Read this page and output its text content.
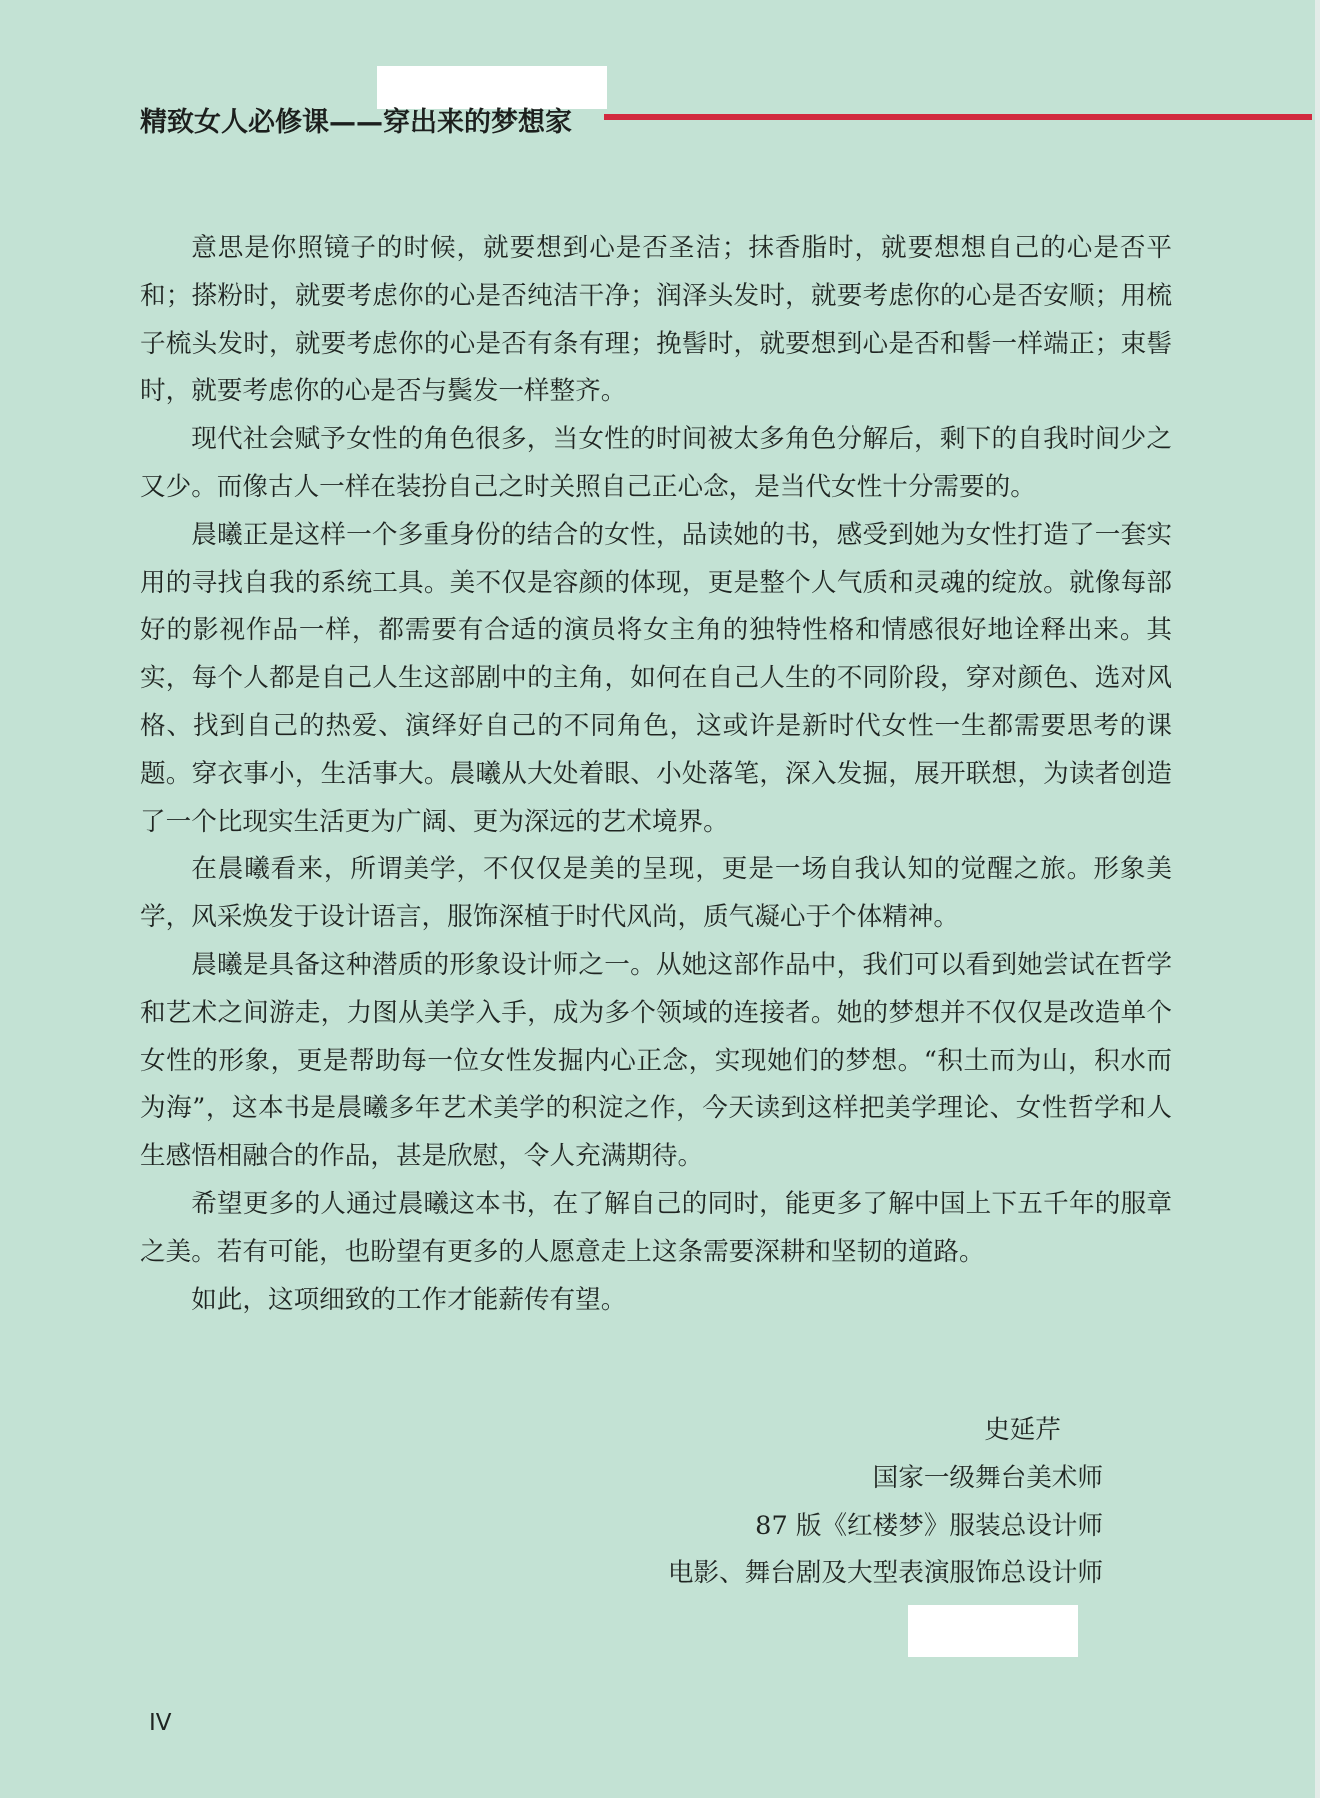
精致女人必修课——穿出来的梦想家

意思是你照镜子的时候，就要想到心是否圣洁；抹香脂时，就要想想自己的心是否平和；搽粉时，就要考虑你的心是否纯洁干净；润泽头发时，就要考虑你的心是否安顺；用梳子梳头发时，就要考虑你的心是否有条有理；挽髻时，就要想到心是否和髻一样端正；束髻时，就要考虑你的心是否与鬓发一样整齐。

现代社会赋予女性的角色很多，当女性的时间被太多角色分解后，剩下的自我时间少之又少。而像古人一样在装扮自己之时关照自己正心念，是当代女性十分需要的。

晨曦正是这样一个多重身份的结合的女性，品读她的书，感受到她为女性打造了一套实用的寻找自我的系统工具。美不仅是容颜的体现，更是整个人气质和灵魂的绽放。就像每部好的影视作品一样，都需要有合适的演员将女主角的独特性格和情感很好地诠释出来。其实，每个人都是自己人生这部剧中的主角，如何在自己人生的不同阶段，穿对颜色、选对风格、找到自己的热爱、演绎好自己的不同角色，这或许是新时代女性一生都需要思考的课题。穿衣事小，生活事大。晨曦从大处着眼、小处落笔，深入发掘，展开联想，为读者创造了一个比现实生活更为广阔、更为深远的艺术境界。

在晨曦看来，所谓美学，不仅仅是美的呈现，更是一场自我认知的觉醒之旅。形象美学，风采焕发于设计语言，服饰深植于时代风尚，质气凝心于个体精神。

晨曦是具备这种潜质的形象设计师之一。从她这部作品中，我们可以看到她尝试在哲学和艺术之间游走，力图从美学入手，成为多个领域的连接者。她的梦想并不仅仅是改造单个女性的形象，更是帮助每一位女性发掘内心正念，实现她们的梦想。“积土而为山，积水而为海”，这本书是晨曦多年艺术美学的积淀之作，今天读到这样把美学理论、女性哲学和人生感悟相融合的作品，甚是欣慰，令人充满期待。

希望更多的人通过晨曦这本书，在了解自己的同时，能更多了解中国上下五千年的服章之美。若有可能，也盼望有更多的人愿意走上这条需要深耕和坚韧的道路。

如此，这项细致的工作才能薪传有望。

史延芹
国家一级舞台美术师
87 版《红楼梦》服装总设计师
电影、舞台剧及大型表演服饰总设计师
IV
